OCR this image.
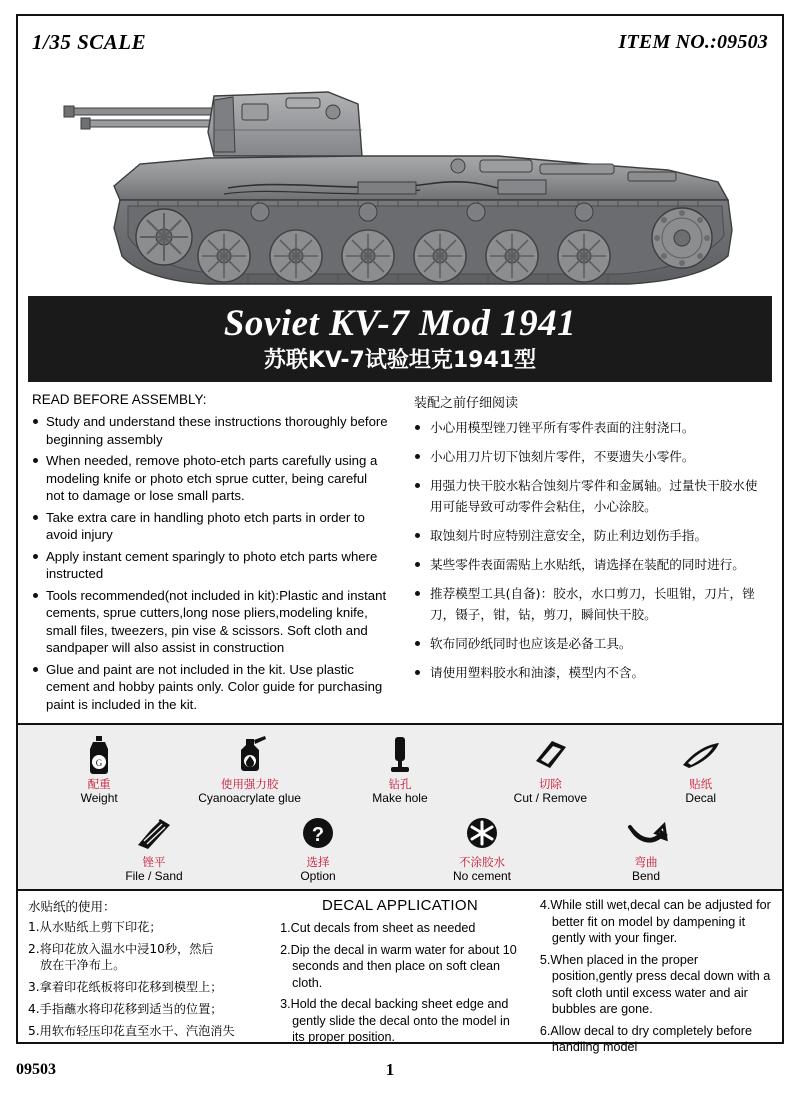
1/35 SCALE	ITEM NO.:09503
Soviet KV-7 Mod 1941
苏联KV-7试验坦克1941型
READ BEFORE ASSEMBLY:
Study and understand these instructions thoroughly before beginning assembly
When needed, remove photo-etch parts carefully using a modeling knife or photo etch sprue cutter, being careful not to damage or lose small parts.
Take extra care in handling photo etch parts in order to avoid injury
Apply instant cement sparingly to photo etch parts where instructed
Tools recommended(not included in kit):Plastic and instant cements, sprue cutters,long nose pliers,modeling knife, small files, tweezers, pin vise & scissors. Soft cloth and sandpaper will also assist in construction
Glue and paint are not included in the kit. Use plastic cement and hobby paints only. Color guide for purchasing paint is included in the kit.
装配之前仔细阅读
小心用模型锉刀锉平所有零件表面的注射浇口。
小心用刀片切下蚀刻片零件，不要遗失小零件。
用强力快干胶水粘合蚀刻片零件和金属轴。过量快干胶水使用可能导致可动零件会粘住，小心涂胶。
取蚀刻片时应特别注意安全，防止利边划伤手指。
某些零件表面需贴上水贴纸，请选择在装配的同时进行。
推荐模型工具(自备)：胶水，水口剪刀，长咀钳，刀片，锉刀，镊子，钳，钻，剪刀，瞬间快干胶。
软布同砂纸同时也应该是必备工具。
请使用塑料胶水和油漆，模型内不含。
G
配重
Weight
使用强力胶
Cyanoacrylate glue
钻孔
Make hole
切除
Cut / Remove
贴纸
Decal
锉平
File / Sand
?
选择
Option
不涂胶水
No cement
弯曲
Bend
水贴纸的使用：
1.从水贴纸上剪下印花；
2.将印花放入温水中浸10秒，然后
放在干净布上。
3.拿着印花纸板将印花移到模型上；
4.手指蘸水将印花移到适当的位置；
5.用软布轻压印花直至水干、汽泡消失
DECAL APPLICATION
1.Cut decals from sheet as needed
2.Dip the decal in warm water for about 10 seconds and then place on soft clean cloth.
3.Hold the decal backing sheet edge and gently slide the decal onto the model in its proper position.
4.While still wet,decal can be adjusted for better fit on model by dampening it gently with your finger.
5.When placed in the proper position,gently press decal down with a soft cloth until excess water and air bubbles are gone.
6.Allow decal to dry completely before handling model
09503	1
